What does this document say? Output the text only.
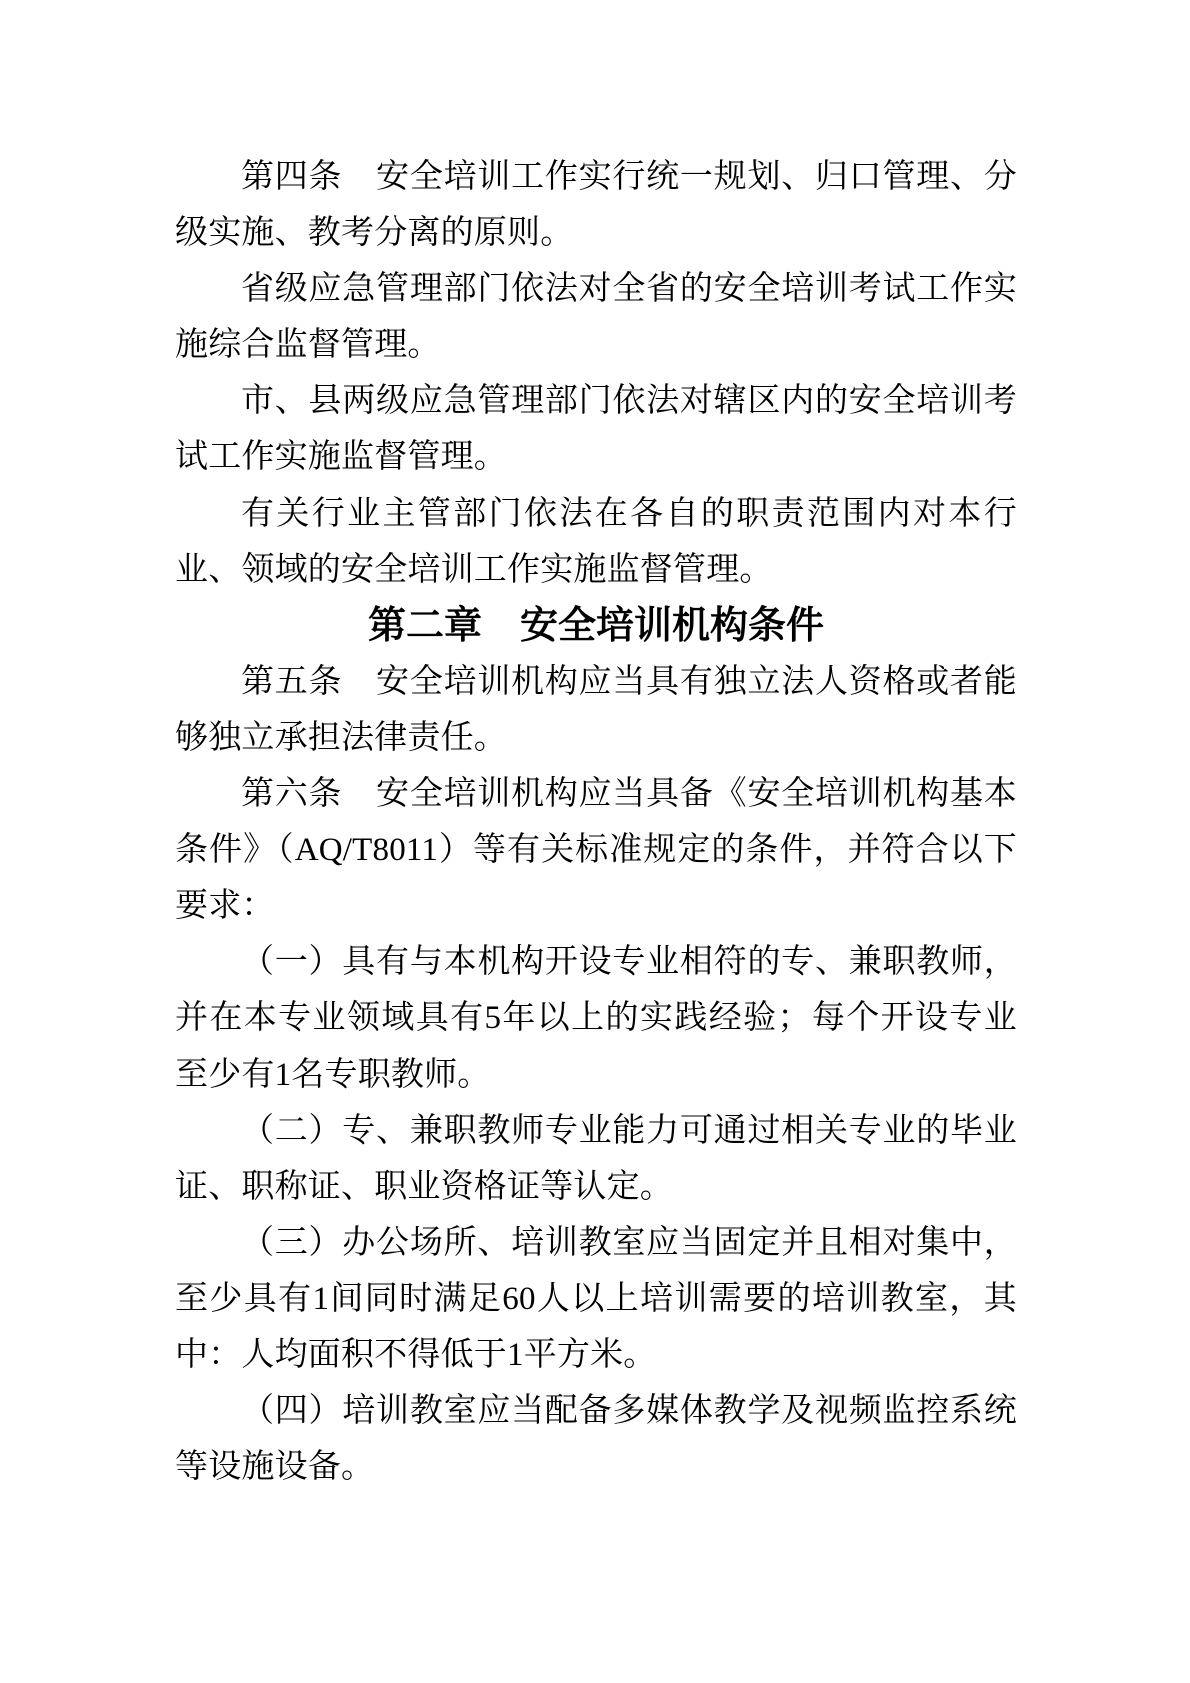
第四条　安全培训工作实行统一规划、归口管理、分级实施、教考分离的原则。

省级应急管理部门依法对全省的安全培训考试工作实施综合监督管理。

市、县两级应急管理部门依法对辖区内的安全培训考试工作实施监督管理。

有关行业主管部门依法在各自的职责范围内对本行业、领域的安全培训工作实施监督管理。

第二章　安全培训机构条件

第五条　安全培训机构应当具有独立法人资格或者能够独立承担法律责任。

第六条　安全培训机构应当具备《安全培训机构基本条件》（AQ/T8011）等有关标准规定的条件，并符合以下要求：

（一）具有与本机构开设专业相符的专、兼职教师，并在本专业领域具有5年以上的实践经验；每个开设专业至少有1名专职教师。

（二）专、兼职教师专业能力可通过相关专业的毕业证、职称证、职业资格证等认定。

（三）办公场所、培训教室应当固定并且相对集中，至少具有1间同时满足60人以上培训需要的培训教室，其中：人均面积不得低于1平方米。

（四）培训教室应当配备多媒体教学及视频监控系统等设施设备。
